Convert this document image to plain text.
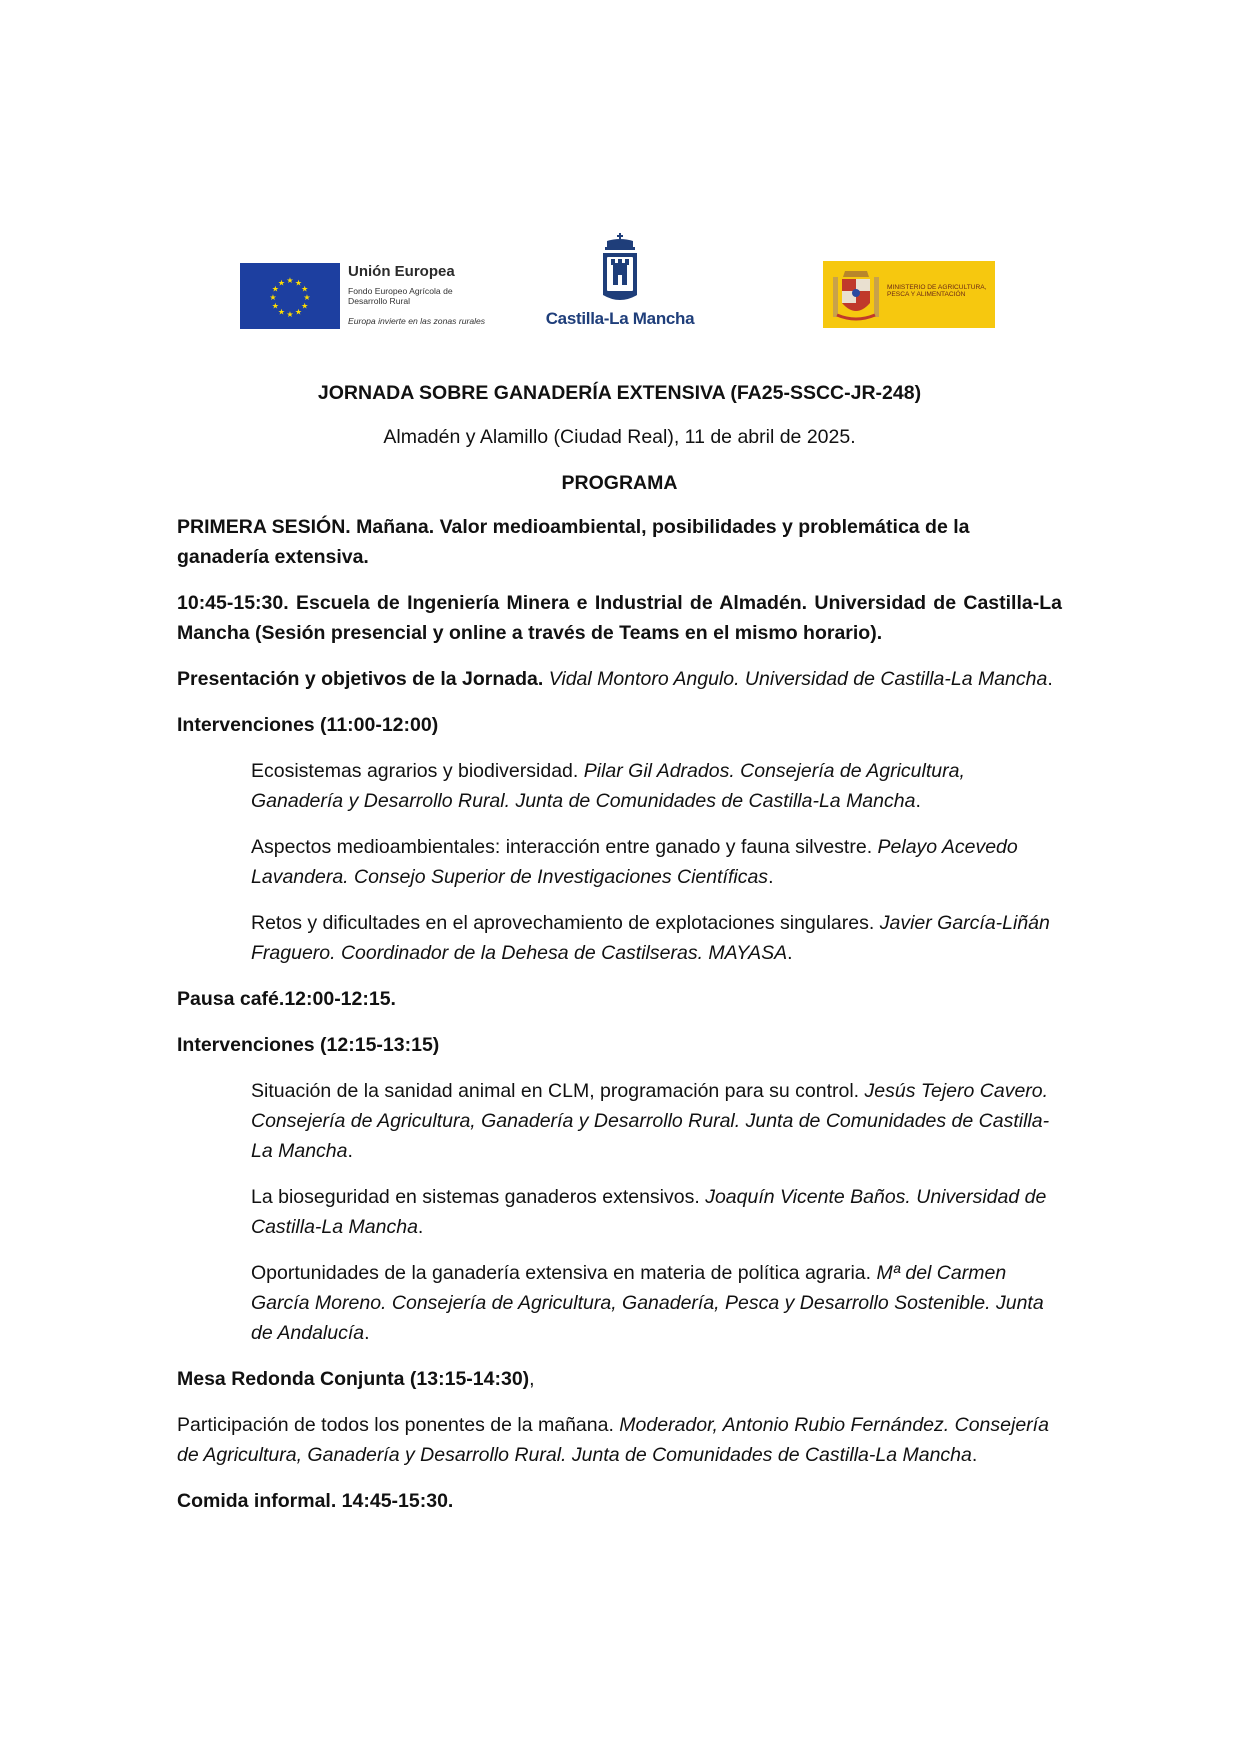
★ ★
★
★
★
★
★
★
★
★
★
★
Unión Europea
Fondo Europeo Agrícola de Desarrollo Rural
Europa invierte en las zonas rurales	Castilla-La Mancha
MINISTERIO DE AGRICULTURA, PESCA Y ALIMENTACIÓN

JORNADA SOBRE GANADERÍA EXTENSIVA (FA25-SSCC-JR-248)

Almadén y Alamillo (Ciudad Real), 11 de abril de 2025.

PROGRAMA

PRIMERA SESIÓN. Mañana. Valor medioambiental, posibilidades y problemática de la ganadería extensiva.

10:45-15:30. Escuela de Ingeniería Minera e Industrial de Almadén. Universidad de Castilla-La Mancha (Sesión presencial y online a través de Teams en el mismo horario).

Presentación y objetivos de la Jornada. Vidal Montoro Angulo. Universidad de Castilla-La Mancha.

Intervenciones (11:00-12:00)

Ecosistemas agrarios y biodiversidad. Pilar Gil Adrados. Consejería de Agricultura, Ganadería y Desarrollo Rural. Junta de Comunidades de Castilla-La Mancha.

Aspectos medioambientales: interacción entre ganado y fauna silvestre. Pelayo Acevedo Lavandera. Consejo Superior de Investigaciones Científicas.

Retos y dificultades en el aprovechamiento de explotaciones singulares. Javier García-Liñán Fraguero. Coordinador de la Dehesa de Castilseras. MAYASA.

Pausa café.12:00-12:15.

Intervenciones (12:15-13:15)

Situación de la sanidad animal en CLM, programación para su control. Jesús Tejero Cavero. Consejería de Agricultura, Ganadería y Desarrollo Rural. Junta de Comunidades de Castilla-La Mancha.

La bioseguridad en sistemas ganaderos extensivos. Joaquín Vicente Baños. Universidad de Castilla-La Mancha.

Oportunidades de la ganadería extensiva en materia de política agraria. Mª del Carmen García Moreno. Consejería de Agricultura, Ganadería, Pesca y Desarrollo Sostenible. Junta de Andalucía.

Mesa Redonda Conjunta (13:15-14:30),

Participación de todos los ponentes de la mañana. Moderador, Antonio Rubio Fernández. Consejería de Agricultura, Ganadería y Desarrollo Rural. Junta de Comunidades de Castilla-La Mancha.

Comida informal. 14:45-15:30.
